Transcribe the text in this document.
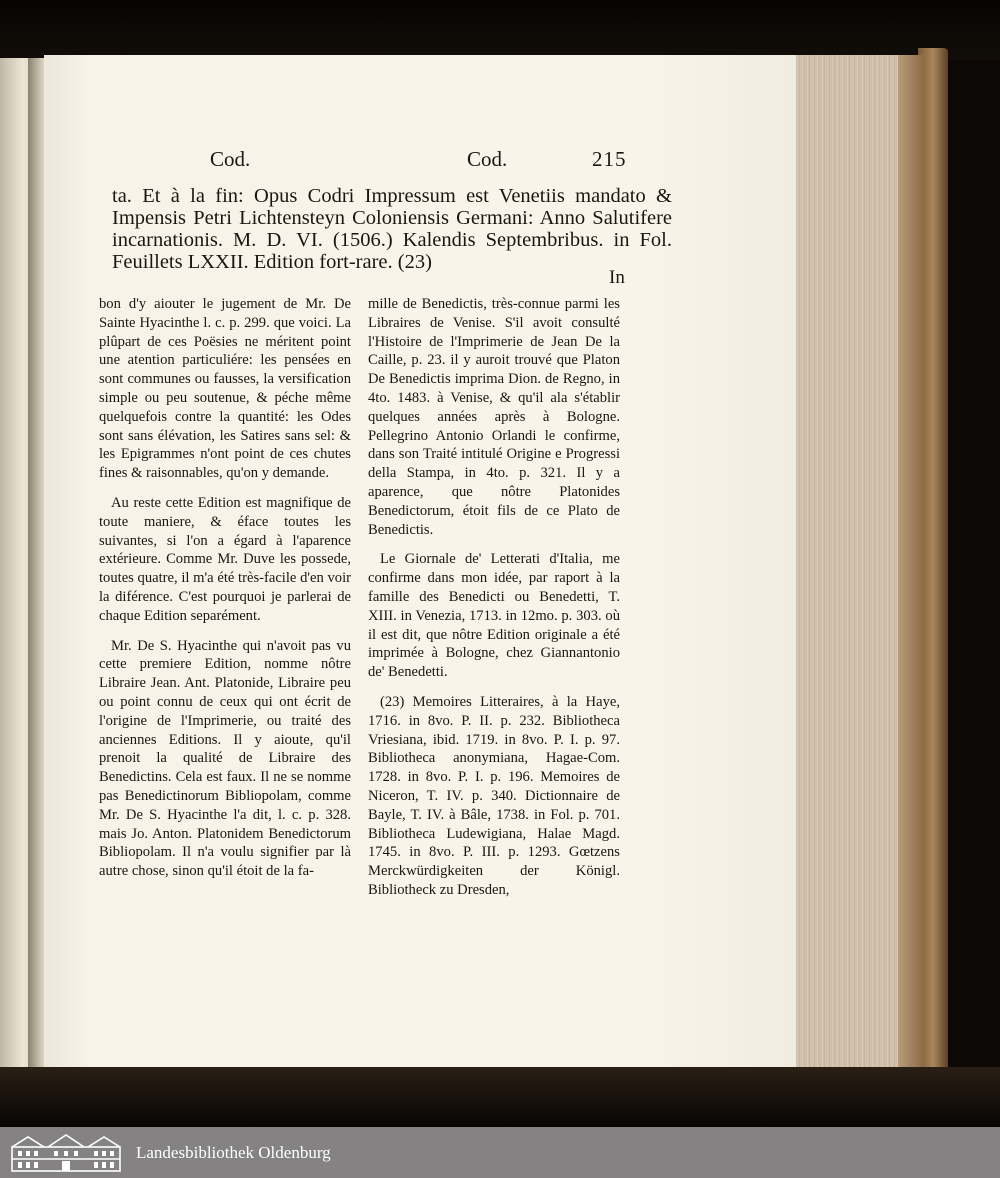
Cod.	Cod.	215
ta. Et à la fin: Opus Codri Impressum est Venetiis mandato & Impensis Petri Lichtensteyn Coloniensis Germani: Anno Salutifere incarnationis. M. D. VI. (1506.) Kalendis Septembribus. in Fol. Feuillets LXXII. Edition fort-rare. (23)
In

bon d'y aiouter le jugement de Mr. De Sainte Hyacinthe l. c. p. 299. que voici. La plûpart de ces Poësies ne méritent point une atention particuliére: les pensées en sont communes ou fausses, la versification simple ou peu soutenue, & péche même quelquefois contre la quantité: les Odes sont sans élévation, les Satires sans sel: & les Epigrammes n'ont point de ces chutes fines & raisonnables, qu'on y demande.

Au reste cette Edition est magnifique de toute maniere, & éface toutes les suivantes, si l'on a égard à l'aparence extérieure. Comme Mr. Duve les possede, toutes quatre, il m'a été très-facile d'en voir la diférence. C'est pourquoi je parlerai de chaque Edition separément.

Mr. De S. Hyacinthe qui n'avoit pas vu cette premiere Edition, nomme nôtre Libraire Jean. Ant. Platonide, Libraire peu ou point connu de ceux qui ont écrit de l'origine de l'Imprimerie, ou traité des anciennes Editions. Il y aioute, qu'il prenoit la qualité de Libraire des Benedictins. Cela est faux. Il ne se nomme pas Benedictinorum Bibliopolam, comme Mr. De S. Hyacinthe l'a dit, l. c. p. 328. mais Jo. Anton. Platonidem Benedictorum Bibliopolam. Il n'a voulu signifier par là autre chose, sinon qu'il étoit de la fa-

mille de Benedictis, très-connue parmi les Libraires de Venise. S'il avoit consulté l'Histoire de l'Imprimerie de Jean De la Caille, p. 23. il y auroit trouvé que Platon De Benedictis imprima Dion. de Regno, in 4to. 1483. à Venise, & qu'il ala s'établir quelques années après à Bologne. Pellegrino Antonio Orlandi le confirme, dans son Traité intitulé Origine e Progressi della Stampa, in 4to. p. 321. Il y a aparence, que nôtre Platonides Benedictorum, étoit fils de ce Plato de Benedictis.

Le Giornale de' Letterati d'Italia, me confirme dans mon idée, par raport à la famille des Benedicti ou Benedetti, T. XIII. in Venezia, 1713. in 12mo. p. 303. où il est dit, que nôtre Edition originale a été imprimée à Bologne, chez Giannantonio de' Benedetti.

(23) Memoires Litteraires, à la Haye, 1716. in 8vo. P. II. p. 232. Bibliotheca Vriesiana, ibid. 1719. in 8vo. P. I. p. 97. Bibliotheca anonymiana, Hagae-Com. 1728. in 8vo. P. I. p. 196. Memoires de Niceron, T. IV. p. 340. Dictionnaire de Bayle, T. IV. à Bâle, 1738. in Fol. p. 701. Bibliotheca Ludewigiana, Halae Magd. 1745. in 8vo. P. III. p. 1293. Gœtzens Merckwürdigkeiten der Königl. Bibliotheck zu Dresden,

Landesbibliothek Oldenburg
